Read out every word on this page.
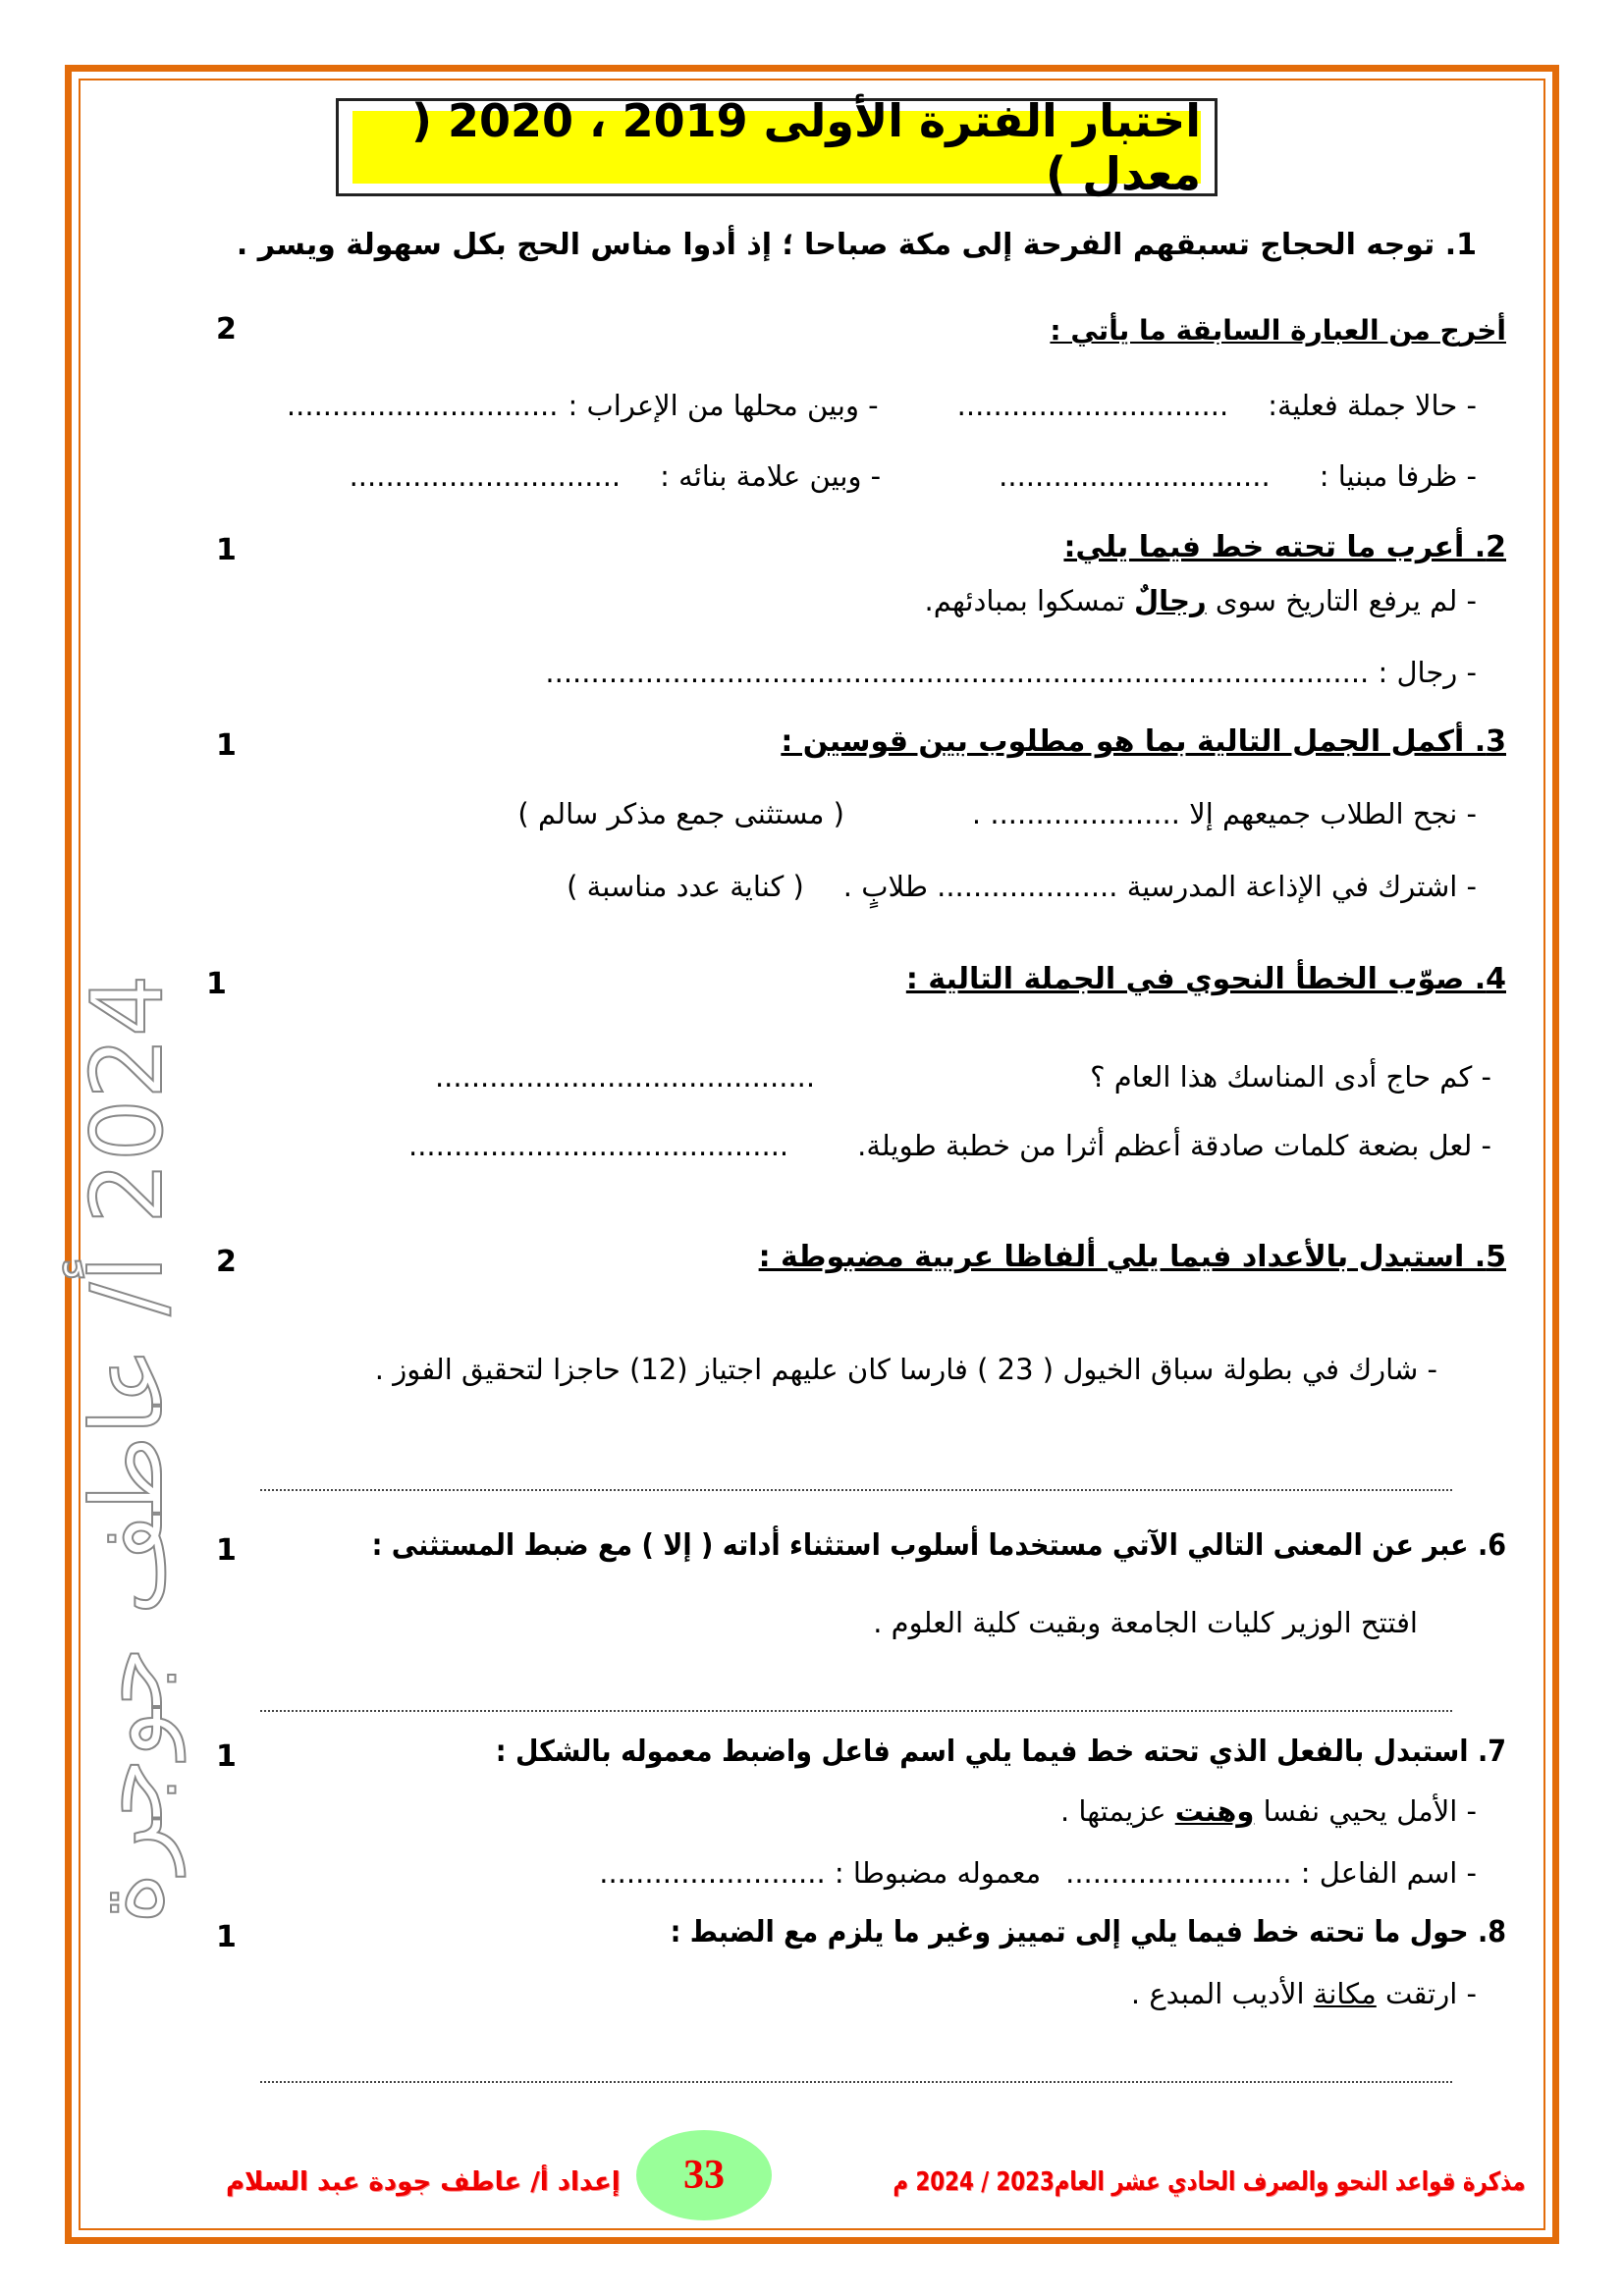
2024 أ/ عاطف جوجرة
اختبار الفترة الأولى 2019 ، 2020 ( معدل )
1. توجه الحجاج تسبقهم الفرحة إلى مكة صباحا ؛ إذ أدوا مناس الحج بكل سهولة ويسر .
أخرج من العبارة السابقة ما يأتي :
2
- حالا جملة فعلية:..............................- وبين محلها من الإعراب :..............................
- ظرفا مبنيا :..............................- وبين علامة بنائه :..............................
2. أعرب ما تحته خط فيما يلي:
1
- لم يرفع التاريخ سوى رجالٌ تمسكوا بمبادئهم.
- رجال : ...........................................................................................
3. أكمل الجمل التالية بما هو مطلوب بين قوسين :
1
- نجح الطلاب جميعهم إلا ..................... .( مستثنى جمع مذكر سالم )
- اشترك في الإذاعة المدرسية .................... طلابٍ .( كناية عدد مناسبة )
4. صوّب الخطأ النحوي في الجملة التالية :
1
- كم حاج أدى المناسك هذا العام ؟..........................................
- لعل بضعة كلمات صادقة أعظم أثرا من خطبة طويلة...........................................
5. استبدل بالأعداد فيما يلي ألفاظا عربية مضبوطة :
2
- شارك في بطولة سباق الخيول ( 23 ) فارسا كان عليهم اجتياز (12) حاجزا لتحقيق الفوز .
6. عبر عن المعنى التالي الآتي مستخدما أسلوب استثناء أداته ( إلا ) مع ضبط المستثنى :
1
افتتح الوزير كليات الجامعة وبقيت كلية العلوم .
7. استبدل بالفعل الذي تحته خط فيما يلي اسم فاعل واضبط معموله بالشكل :
1
- الأمل يحيي نفسا وهنت عزيمتها .
- اسم الفاعل : .........................معموله مضبوطا : .........................
8. حول ما تحته خط فيما يلي إلى تمييز وغير ما يلزم مع الضبط :
1
- ارتقت مكانة الأديب المبدع .
مذكرة قواعد النحو والصرف الحادي عشر العام2023 / 2024 م
إعداد أ/ عاطف جودة عبد السلام	33
